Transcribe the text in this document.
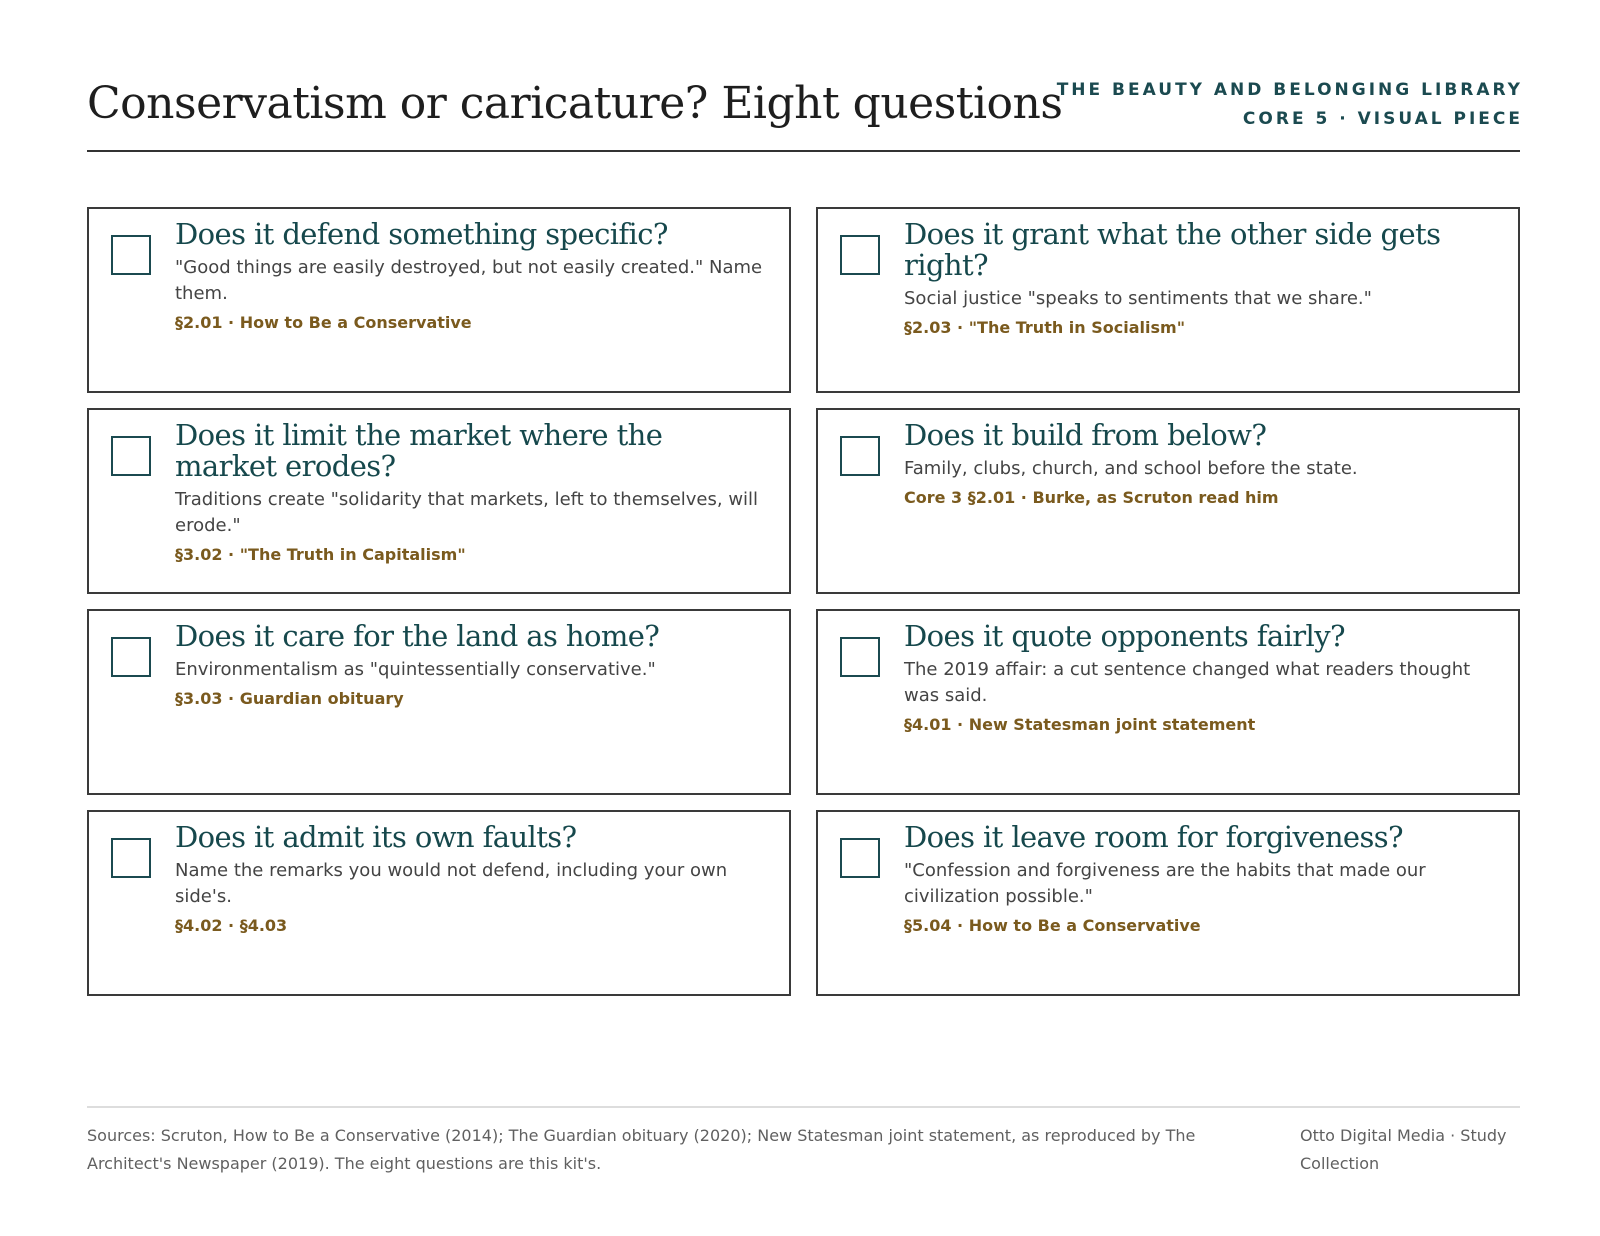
Conservatism or caricature? Eight questions
THE BEAUTY AND BELONGING LIBRARY
CORE 5 · VISUAL PIECE
Does it defend something specific?

"Good things are easily destroyed, but not easily created." Name them.

§2.01 · How to Be a Conservative

Does it grant what the other side gets right?

Social justice "speaks to sentiments that we share."

§2.03 · "The Truth in Socialism"

Does it limit the market where the market erodes?

Traditions create "solidarity that markets, left to themselves, will erode."

§3.02 · "The Truth in Capitalism"

Does it build from below?

Family, clubs, church, and school before the state.

Core 3 §2.01 · Burke, as Scruton read him

Does it care for the land as home?

Environmentalism as "quintessentially conservative."

§3.03 · Guardian obituary

Does it quote opponents fairly?

The 2019 affair: a cut sentence changed what readers thought was said.

§4.01 · New Statesman joint statement

Does it admit its own faults?

Name the remarks you would not defend, including your own side's.

§4.02 · §4.03

Does it leave room for forgiveness?

"Confession and forgiveness are the habits that made our civilization possible."

§5.04 · How to Be a Conservative

Sources: Scruton, How to Be a Conservative (2014); The Guardian obituary (2020); New Statesman joint statement, as reproduced by The Architect's Newspaper (2019). The eight questions are this kit's.

Otto Digital Media · Study Collection
